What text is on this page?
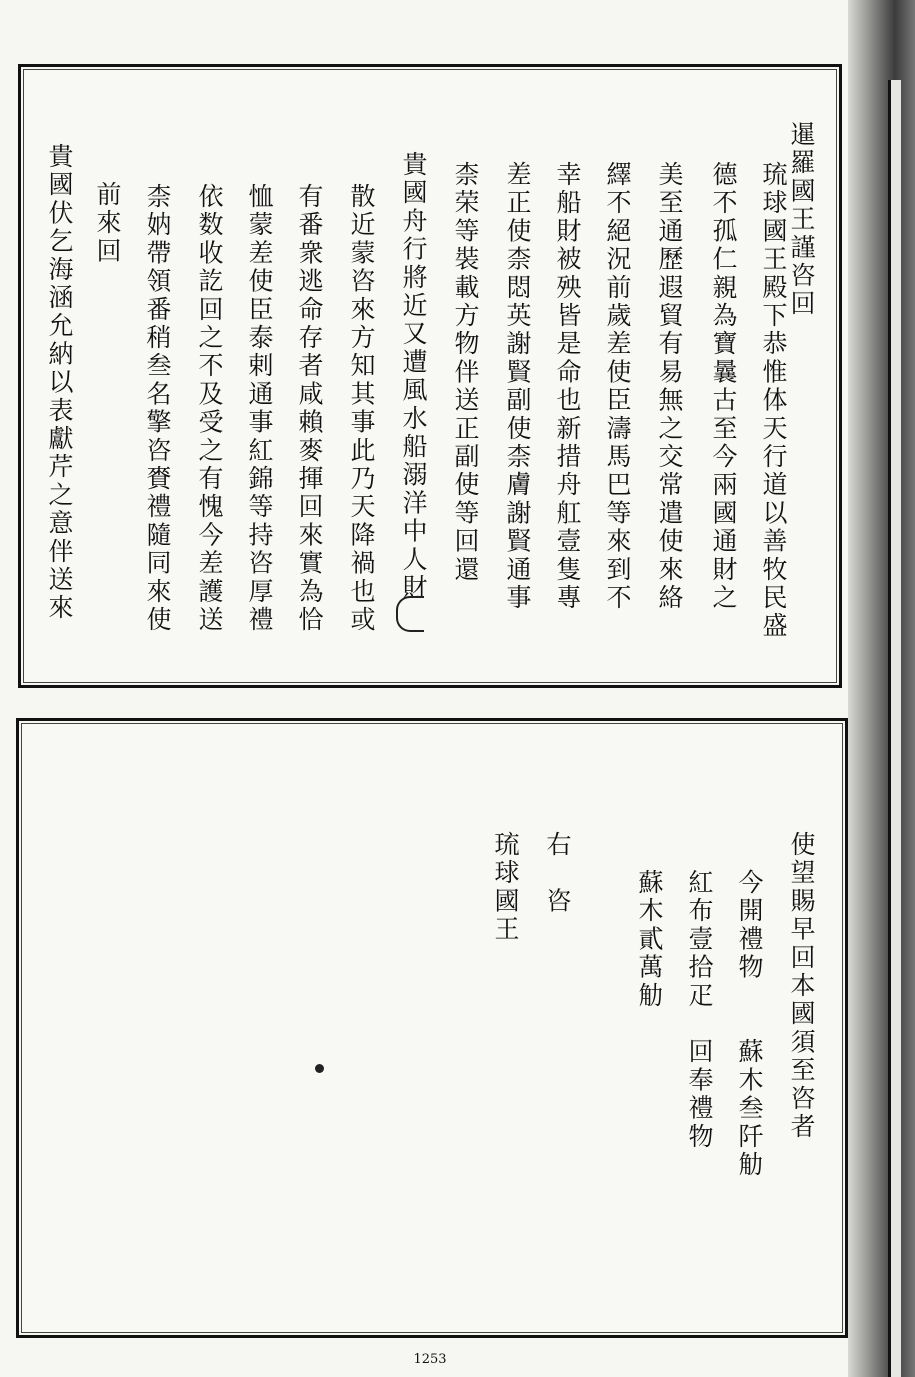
暹羅國王謹咨回
琉球國王殿下恭惟体天行道以善牧民盛
德不孤仁親為寶曩古至今兩國通財之
美至通歷遐貿有易無之交常遣使來絡
繹不絕況前歲差使臣濤馬巴等來到不
幸船財被殃皆是命也新措舟舡壹隻專
差正使柰悶英謝賢副使柰膚謝賢通事
柰荣等裝載方物伴送正副使等回還
貴國舟行將近又遭風水船溺洋中人財
散近蒙咨來方知其事此乃天降禍也或
有番衆逃命存者咸賴麥揮回來實為恰
恤蒙差使臣泰剌通事紅錦等持咨厚禮
依数收訖回之不及受之有愧今差護送
柰妠帶領番稍叁名擎咨賚禮隨同來使
前來回
貴國伏乞海涵允納以表獻芹之意伴送來
使望賜早回本國須至咨者
今開禮物　　蘇木叁阡觔
紅布壹拾疋　回奉禮物
蘇木貳萬觔
右　咨
琉球國王
1253
